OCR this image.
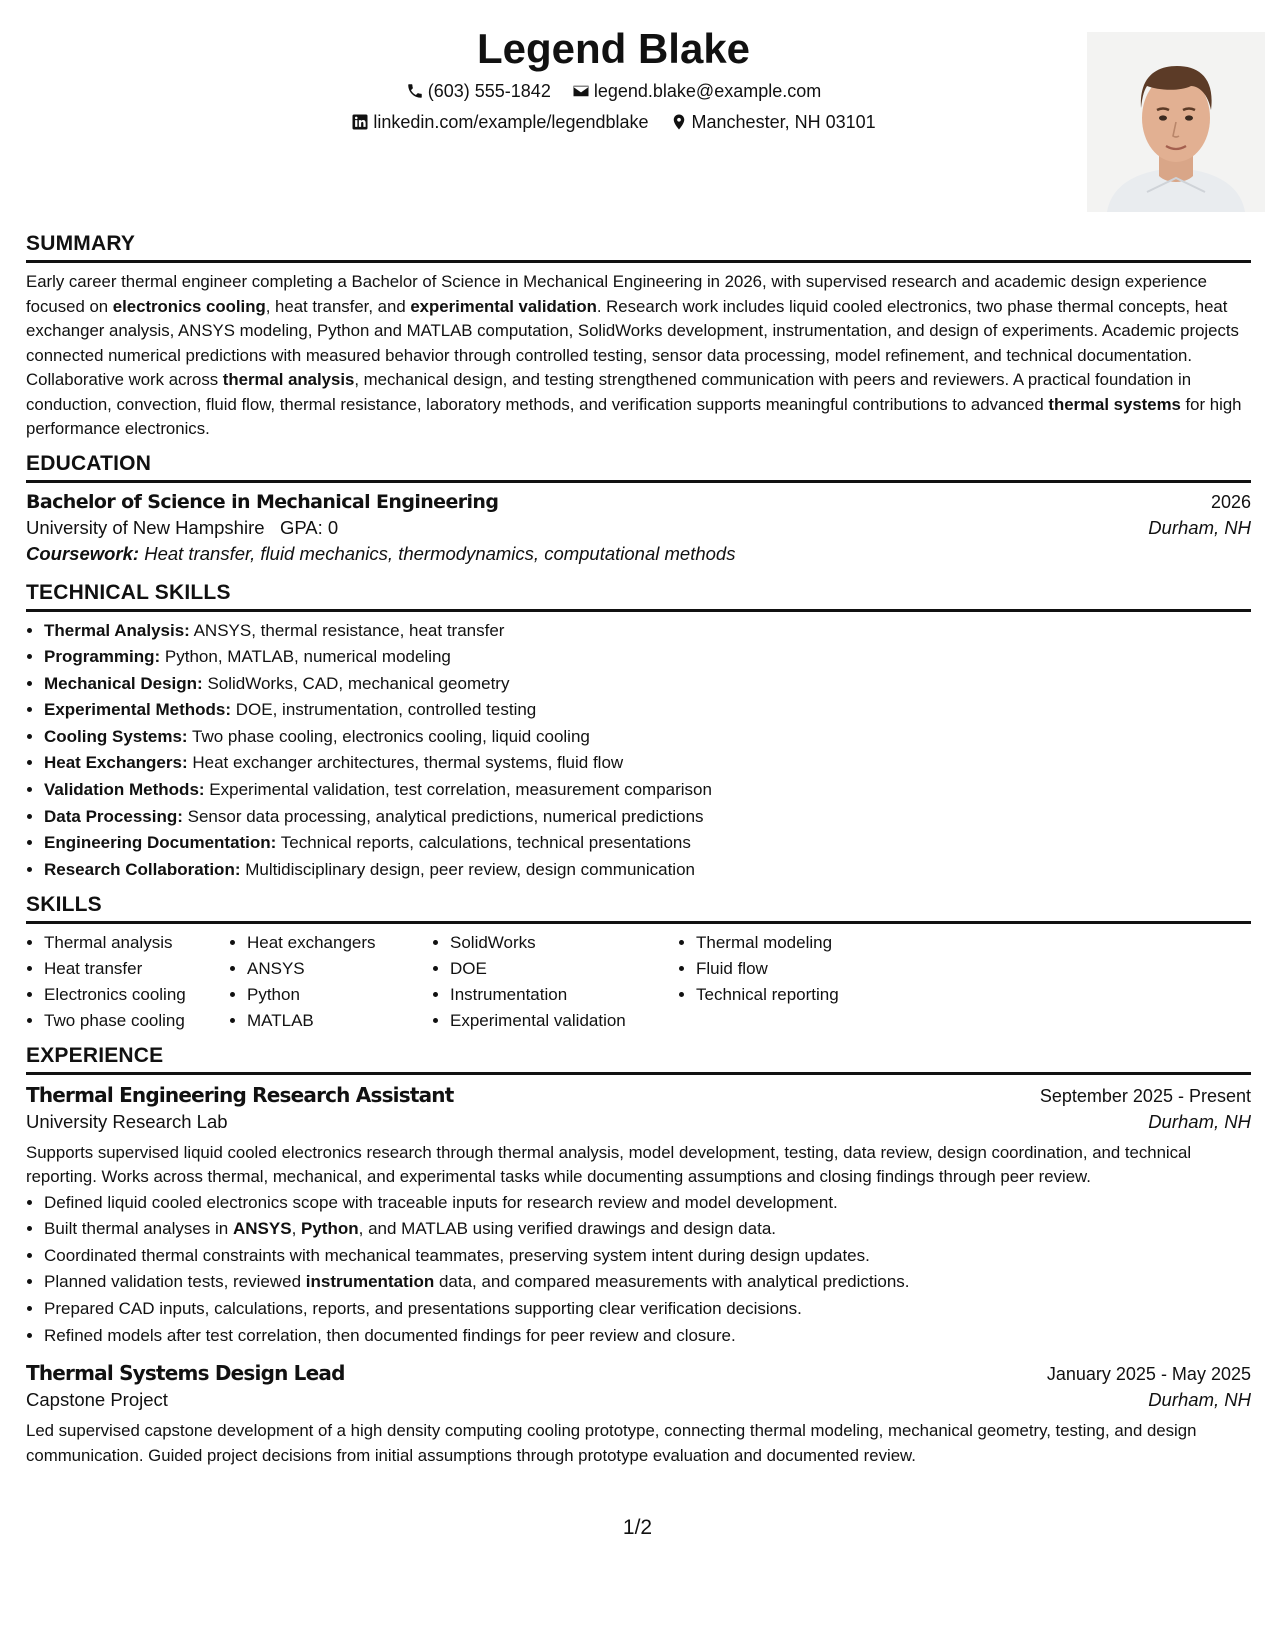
Legend Blake
(603) 555-1842
legend.blake@example.com
linkedin.com/example/legendblake
Manchester, NH 03101
SUMMARY

Early career thermal engineer completing a Bachelor of Science in Mechanical Engineering in 2026, with supervised research and academic design experience focused on electronics cooling, heat transfer, and experimental validation. Research work includes liquid cooled electronics, two phase thermal concepts, heat exchanger analysis, ANSYS modeling, Python and MATLAB computation, SolidWorks development, instrumentation, and design of experiments. Academic projects connected numerical predictions with measured behavior through controlled testing, sensor data processing, model refinement, and technical documentation. Collaborative work across thermal analysis, mechanical design, and testing strengthened communication with peers and reviewers. A practical foundation in conduction, convection, fluid flow, thermal resistance, laboratory methods, and verification supports meaningful contributions to advanced thermal systems for high performance electronics.

EDUCATION
Bachelor of Science in Mechanical Engineering	2026
University of New Hampshire GPA: 0	Durham, NH
Coursework: Heat transfer, fluid mechanics, thermodynamics, computational methods
TECHNICAL SKILLS
• Thermal Analysis: ANSYS, thermal resistance, heat transfer
• Programming: Python, MATLAB, numerical modeling
• Mechanical Design: SolidWorks, CAD, mechanical geometry
• Experimental Methods: DOE, instrumentation, controlled testing
• Cooling Systems: Two phase cooling, electronics cooling, liquid cooling
• Heat Exchangers: Heat exchanger architectures, thermal systems, fluid flow
• Validation Methods: Experimental validation, test correlation, measurement comparison
• Data Processing: Sensor data processing, analytical predictions, numerical predictions
• Engineering Documentation: Technical reports, calculations, technical presentations
• Research Collaboration: Multidisciplinary design, peer review, design communication
SKILLS
• Thermal analysis
• Heat transfer
• Electronics cooling
• Two phase cooling
• Heat exchangers
• ANSYS
• Python
• MATLAB
• SolidWorks
• DOE
• Instrumentation
• Experimental validation
• Thermal modeling
• Fluid flow
• Technical reporting
EXPERIENCE
Thermal Engineering Research Assistant	September 2025 - Present
University Research Lab	Durham, NH

Supports supervised liquid cooled electronics research through thermal analysis, model development, testing, data review, design coordination, and technical reporting. Works across thermal, mechanical, and experimental tasks while documenting assumptions and closing findings through peer review.

• Defined liquid cooled electronics scope with traceable inputs for research review and model development.
• Built thermal analyses in ANSYS, Python, and MATLAB using verified drawings and design data.
• Coordinated thermal constraints with mechanical teammates, preserving system intent during design updates.
• Planned validation tests, reviewed instrumentation data, and compared measurements with analytical predictions.
• Prepared CAD inputs, calculations, reports, and presentations supporting clear verification decisions.
• Refined models after test correlation, then documented findings for peer review and closure.
Thermal Systems Design Lead	January 2025 - May 2025
Capstone Project	Durham, NH

Led supervised capstone development of a high density computing cooling prototype, connecting thermal modeling, mechanical geometry, testing, and design communication. Guided project decisions from initial assumptions through prototype evaluation and documented review.

1/2
